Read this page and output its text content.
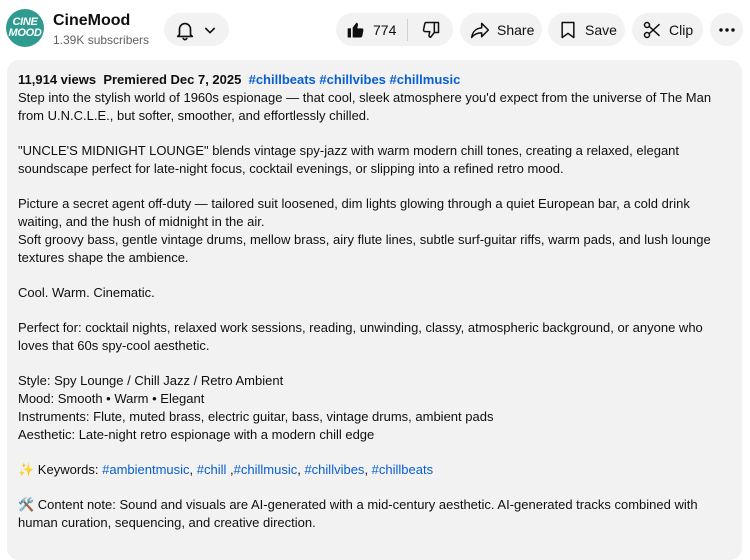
CINE
MOOD
CineMood
1.39K subscribers
774	Share	Save	Clip
11,914 views Premiered Dec 7, 2025 #chillbeats #chillvibes #chillmusic

Step into the stylish world of 1960s espionage — that cool, sleek atmosphere you'd expect from the universe of The Man from U.N.C.L.E., but softer, smoother, and effortlessly chilled.

"UNCLE'S MIDNIGHT LOUNGE" blends vintage spy-jazz with warm modern chill tones, creating a relaxed, elegant soundscape perfect for late-night focus, cocktail evenings, or slipping into a refined retro mood.

Picture a secret agent off-duty — tailored suit loosened, dim lights glowing through a quiet European bar, a cold drink waiting, and the hush of midnight in the air.

Soft groovy bass, gentle vintage drums, mellow brass, airy flute lines, subtle surf-guitar riffs, warm pads, and lush lounge textures shape the ambience.

Cool. Warm. Cinematic.

Perfect for: cocktail nights, relaxed work sessions, reading, unwinding, classy, atmospheric background, or anyone who loves that 60s spy-cool aesthetic.

Style: Spy Lounge / Chill Jazz / Retro Ambient

Mood: Smooth • Warm • Elegant

Instruments: Flute, muted brass, electric guitar, bass, vintage drums, ambient pads

Aesthetic: Late-night retro espionage with a modern chill edge

✨ Keywords: #ambientmusic, #chill ,#chillmusic, #chillvibes, #chillbeats

🛠️ Content note: Sound and visuals are AI-generated with a mid-century aesthetic. AI-generated tracks combined with human curation, sequencing, and creative direction.
